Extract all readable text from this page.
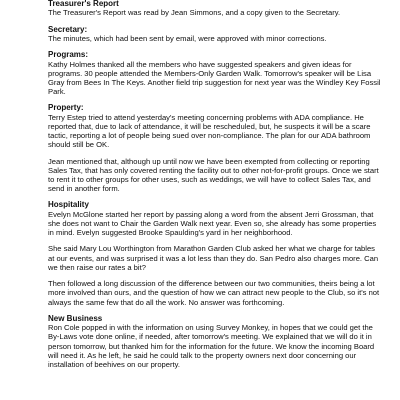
Treasurer's Report
The Treasurer's Report was read by Jean Simmons, and a copy given to the Secretary.
Secretary:
The minutes, which had been sent by email, were approved with minor corrections.
Programs:
Kathy Holmes thanked all the members who have suggested speakers and given ideas for programs. 30 people attended the Members-Only Garden Walk. Tomorrow's speaker will be Lisa Gray from Bees In The Keys. Another field trip suggestion for next year was the Windley Key Fossil Park.
Property:
Terry Estep tried to attend yesterday's meeting concerning problems with ADA compliance. He reported that, due to lack of attendance, it will be rescheduled, but, he suspects it will be a scare tactic, reporting a lot of people being sued over non-compliance. The plan for our ADA bathroom should still be OK.
Jean mentioned that, although up until now we have been exempted from collecting or reporting Sales Tax, that has only covered renting the facility out to other not-for-profit groups. Once we start to rent it to other groups for other uses, such as weddings, we will have to collect Sales Tax, and send in another form.
Hospitality
Evelyn McGlone started her report by passing along a word from the absent Jerri Grossman, that she does not want to Chair the Garden Walk next year. Even so, she already has some properties in mind. Evelyn suggested Brooke Spaulding's yard in her neighborhood.
She said Mary Lou Worthington from Marathon Garden Club asked her what we charge for tables at our events, and was surprised it was a lot less than they do. San Pedro also charges more. Can we then raise our rates a bit?
Then followed a long discussion of the difference between our two communities, theirs being a lot more involved than ours, and the question of how we can attract new people to the Club, so it's not always the same few that do all the work. No answer was forthcoming.
New Business
Ron Cole popped in with the information on using Survey Monkey, in hopes that we could get the By-Laws vote done online, if needed, after tomorrow's meeting. We explained that we will do it in person tomorrow, but thanked him for the information for the future. We know the incoming Board will need it. As he left, he said he could talk to the property owners next door concerning our installation of beehives on our property.
